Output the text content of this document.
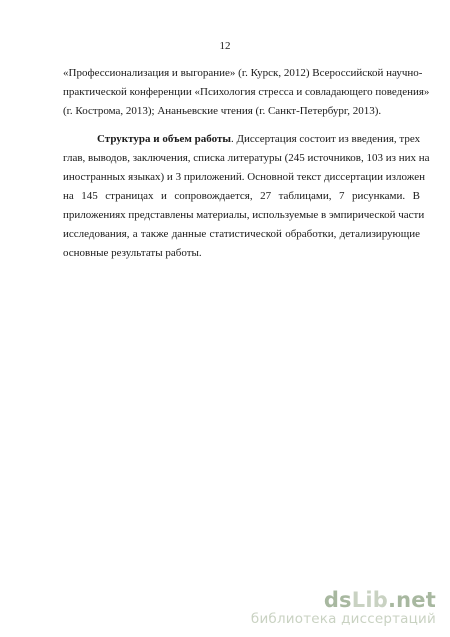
12
«Профессионализация и выгорание» (г. Курск, 2012) Всероссийской научно-
практической конференции «Психология стресса и совладающего поведения»
(г. Кострома, 2013); Ананьевские чтения (г. Санкт-Петербург, 2013).
Структура и объем работы. Диссертация состоит из введения, трех
глав, выводов, заключения, списка литературы (245 источников, 103 из них на
иностранных языках) и 3 приложений. Основной текст диссертации изложен
на 145 страницах и сопровождается, 27 таблицами, 7 рисунками. В
приложениях представлены материалы, используемые в эмпирической части
исследования, а также данные статистической обработки, детализирующие
основные результаты работы.
dsLib.net
библиотека диссертаций
